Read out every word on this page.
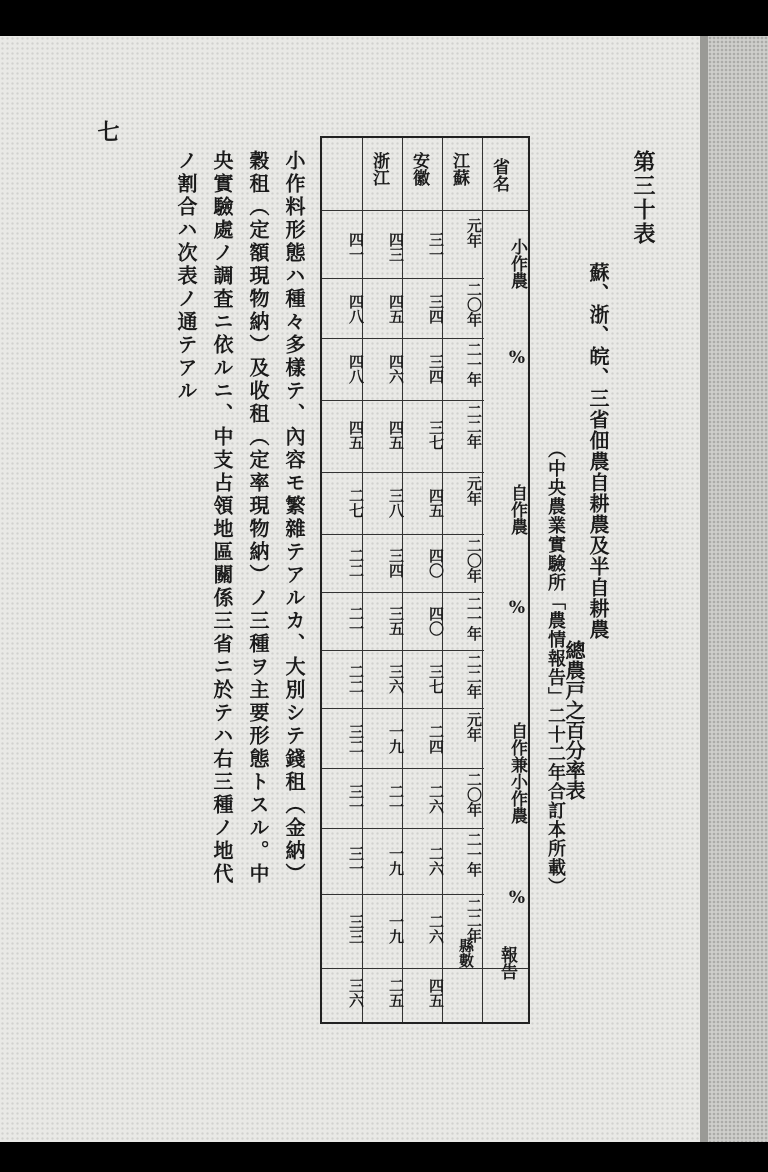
第三十表
蘇、浙、皖、三省佃農自耕農及半自耕農
總農戸之百分率表
（中央農業實驗所「農情報告」二十二年合訂本所載）
七
省名
江蘇
安徽
浙江
小作農
%
自作農
%
自作兼小作農
%
元年
二〇年
二一年
二二年
元年
二〇年
二一年
二二年
元年
二〇年
二一年
二二年
三一
三四
三四
三七
四三
四五
四六
四五
四一
四八
四八
四五
四五
四〇
四〇
三七
三八
三四
三五
三六
二七
二二
二一
二二
二四
二六
二六
二六
一九
二一
一九
一九
三二
三一
三一
三三
報告
縣數
四五
二五
三六
小作料形態ハ種々多樣テ、內容モ繁雜テアルカ、大別シテ錢租（金納）
穀租（定額現物納）及收租（定率現物納）ノ三種ヲ主要形態トスル。中
央實驗處ノ調査ニ依ルニ、中支占領地區關係三省ニ於テハ右三種ノ地代
ノ割合ハ次表ノ通テアル
